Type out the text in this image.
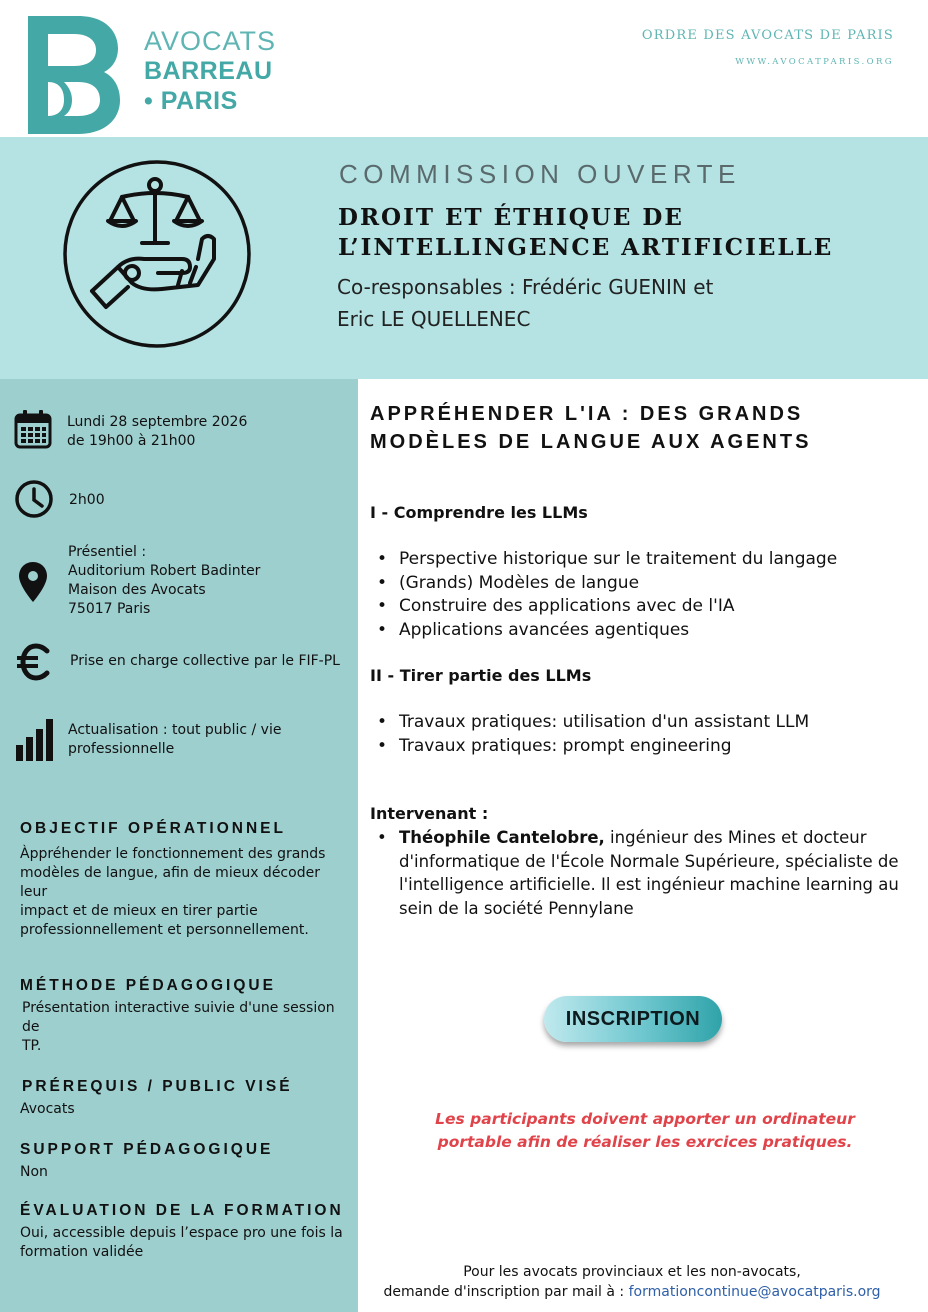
AVOCATS
BARREAU
• PARIS
ORDRE DES AVOCATS DE PARIS
WWW.AVOCATPARIS.ORG
COMMISSION OUVERTE
DROIT ET ÉTHIQUE DE
L’INTELLINGENCE ARTIFICIELLE
Co-responsables : Frédéric GUENIN et
Eric LE QUELLENEC
Lundi 28 septembre 2026
de 19h00 à 21h00
2h00
Présentiel :
Auditorium Robert Badinter
Maison des Avocats
75017 Paris
Prise en charge collective par le FIF-PL
Actualisation : tout public / vie
professionnelle
OBJECTIF OPÉRATIONNEL
Àppréhender le fonctionnement des grands
modèles de langue, afin de mieux décoder leur
impact et de mieux en tirer partie
professionnellement et personnellement.
MÉTHODE PÉDAGOGIQUE
Présentation interactive suivie d'une session de
TP.
PRÉREQUIS / PUBLIC VISÉ
Avocats
SUPPORT PÉDAGOGIQUE
Non
ÉVALUATION DE LA FORMATION
Oui, accessible depuis l’espace pro une fois la
formation validée
APPRÉHENDER L'IA : DES GRANDS
MODÈLES DE LANGUE AUX AGENTS
I - Comprendre les LLMs
• Perspective historique sur le traitement du langage
• (Grands) Modèles de langue
• Construire des applications avec de l'IA
• Applications avancées agentiques
II - Tirer partie des LLMs
• Travaux pratiques: utilisation d'un assistant LLM
• Travaux pratiques: prompt engineering
Intervenant :
• Théophile Cantelobre, ingénieur des Mines et docteur d'informatique de l'École Normale Supérieure, spécialiste de l'intelligence artificielle. Il est ingénieur machine learning au sein de la société Pennylane
INSCRIPTION
Les participants doivent apporter un ordinateur
portable afin de réaliser les exrcices pratiques.
Pour les avocats provinciaux et les non-avocats,
demande d'inscription par mail à : formationcontinue@avocatparis.org
